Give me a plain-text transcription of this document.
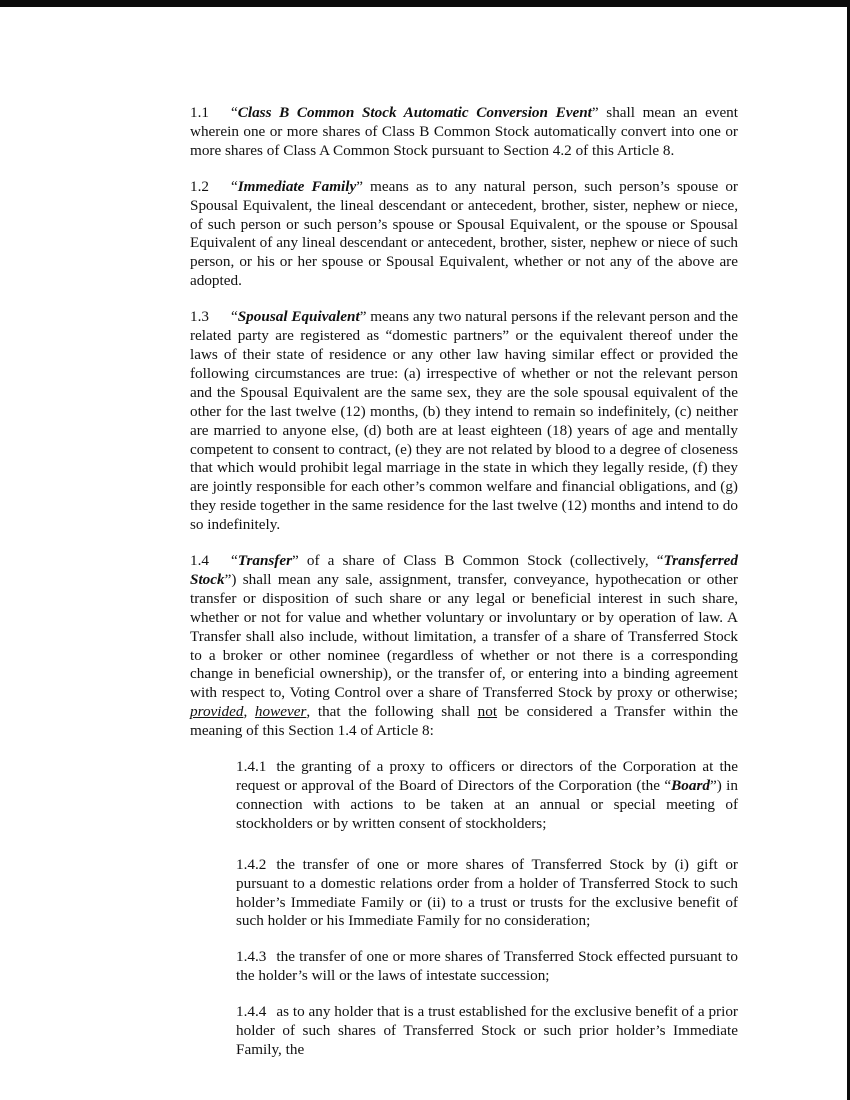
1.1 “Class B Common Stock Automatic Conversion Event” shall mean an event wherein one or more shares of Class B Common Stock automatically convert into one or more shares of Class A Common Stock pursuant to Section 4.2 of this Article 8.

1.2 “Immediate Family” means as to any natural person, such person’s spouse or Spousal Equivalent, the lineal descendant or antecedent, brother, sister, nephew or niece, of such person or such person’s spouse or Spousal Equivalent, or the spouse or Spousal Equivalent of any lineal descendant or antecedent, brother, sister, nephew or niece of such person, or his or her spouse or Spousal Equivalent, whether or not any of the above are adopted.

1.3 “Spousal Equivalent” means any two natural persons if the relevant person and the related party are registered as “domestic partners” or the equivalent thereof under the laws of their state of residence or any other law having similar effect or provided the following circumstances are true: (a) irrespective of whether or not the relevant person and the Spousal Equivalent are the same sex, they are the sole spousal equivalent of the other for the last twelve (12) months, (b) they intend to remain so indefinitely, (c) neither are married to anyone else, (d) both are at least eighteen (18) years of age and mentally competent to consent to contract, (e) they are not related by blood to a degree of closeness that which would prohibit legal marriage in the state in which they legally reside, (f) they are jointly responsible for each other’s common welfare and financial obligations, and (g) they reside together in the same residence for the last twelve (12) months and intend to do so indefinitely.

1.4 “Transfer” of a share of Class B Common Stock (collectively, “Transferred Stock”) shall mean any sale, assignment, transfer, conveyance, hypothecation or other transfer or disposition of such share or any legal or beneficial interest in such share, whether or not for value and whether voluntary or involuntary or by operation of law. A Transfer shall also include, without limitation, a transfer of a share of Transferred Stock to a broker or other nominee (regardless of whether or not there is a corresponding change in beneficial ownership), or the transfer of, or entering into a binding agreement with respect to, Voting Control over a share of Transferred Stock by proxy or otherwise; provided, however, that the following shall not be considered a Transfer within the meaning of this Section 1.4 of Article 8:

1.4.1 the granting of a proxy to officers or directors of the Corporation at the request or approval of the Board of Directors of the Corporation (the “Board”) in connection with actions to be taken at an annual or special meeting of stockholders or by written consent of stockholders;

1.4.2 the transfer of one or more shares of Transferred Stock by (i) gift or pursuant to a domestic relations order from a holder of Transferred Stock to such holder’s Immediate Family or (ii) to a trust or trusts for the exclusive benefit of such holder or his Immediate Family for no consideration;

1.4.3 the transfer of one or more shares of Transferred Stock effected pursuant to the holder’s will or the laws of intestate succession;

1.4.4 as to any holder that is a trust established for the exclusive benefit of a prior holder of such shares of Transferred Stock or such prior holder’s Immediate Family, the
